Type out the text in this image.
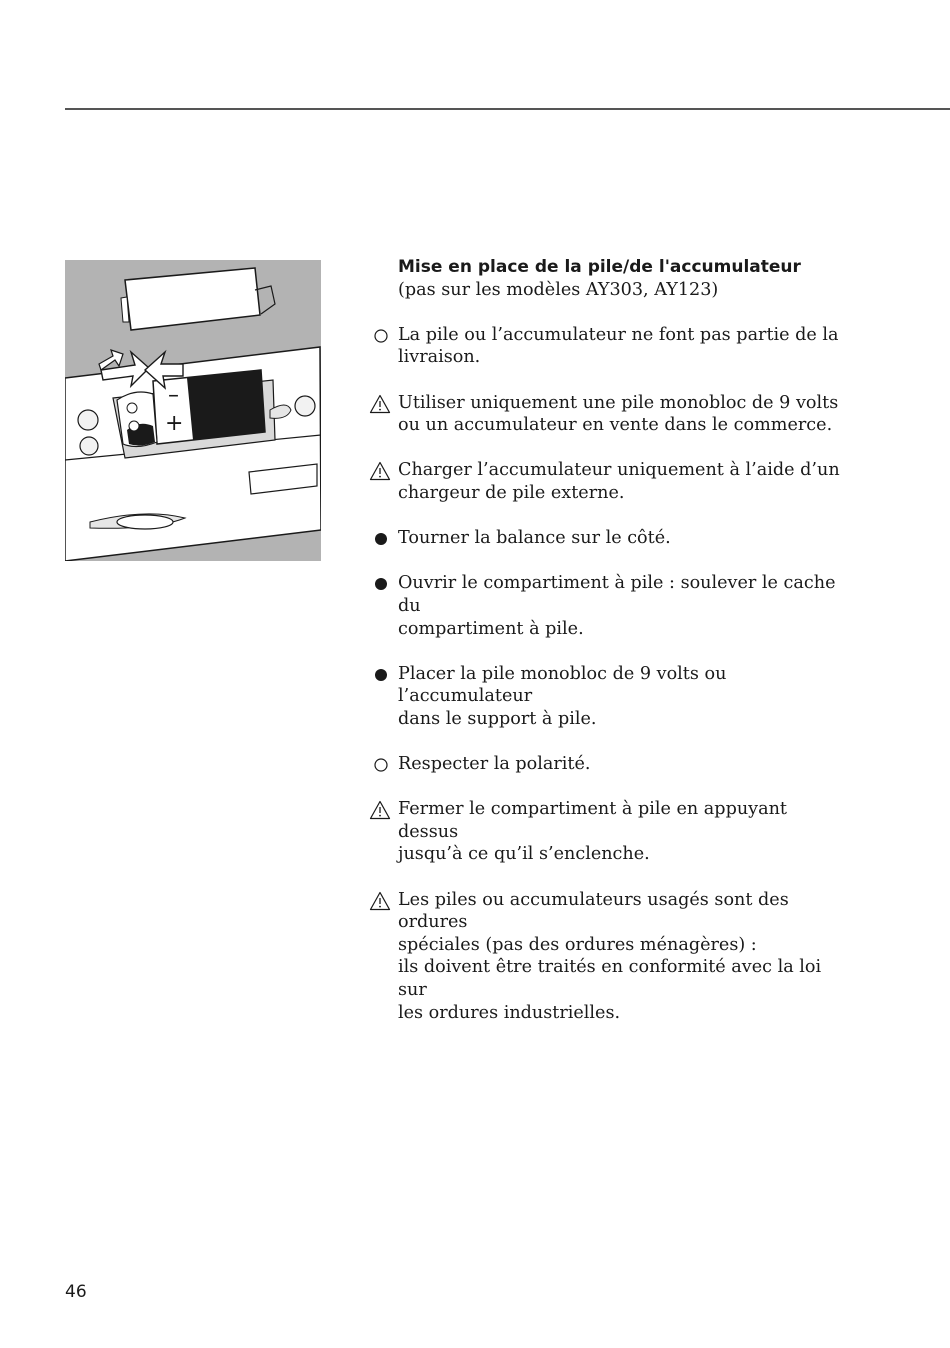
–
+
Mise en place de la pile/de l'accumulateur
(pas sur les modèles AY303, AY123)
La pile ou l’accumulateur ne font pas partie de la
livraison.
Utiliser uniquement une pile monobloc de 9 volts
ou un accumulateur en vente dans le commerce.
Charger l’accumulateur uniquement à l’aide d’un
chargeur de pile externe.
Tourner la balance sur le côté.
Ouvrir le compartiment à pile : soulever le cache du
compartiment à pile.
Placer la pile monobloc de 9 volts ou l’accumulateur
dans le support à pile.
Respecter la polarité.
Fermer le compartiment à pile en appuyant dessus
jusqu’à ce qu’il s’enclenche.
Les piles ou accumulateurs usagés sont des ordures
spéciales (pas des ordures ménagères) :
ils doivent être traités en conformité avec la loi sur
les ordures industrielles.
46
